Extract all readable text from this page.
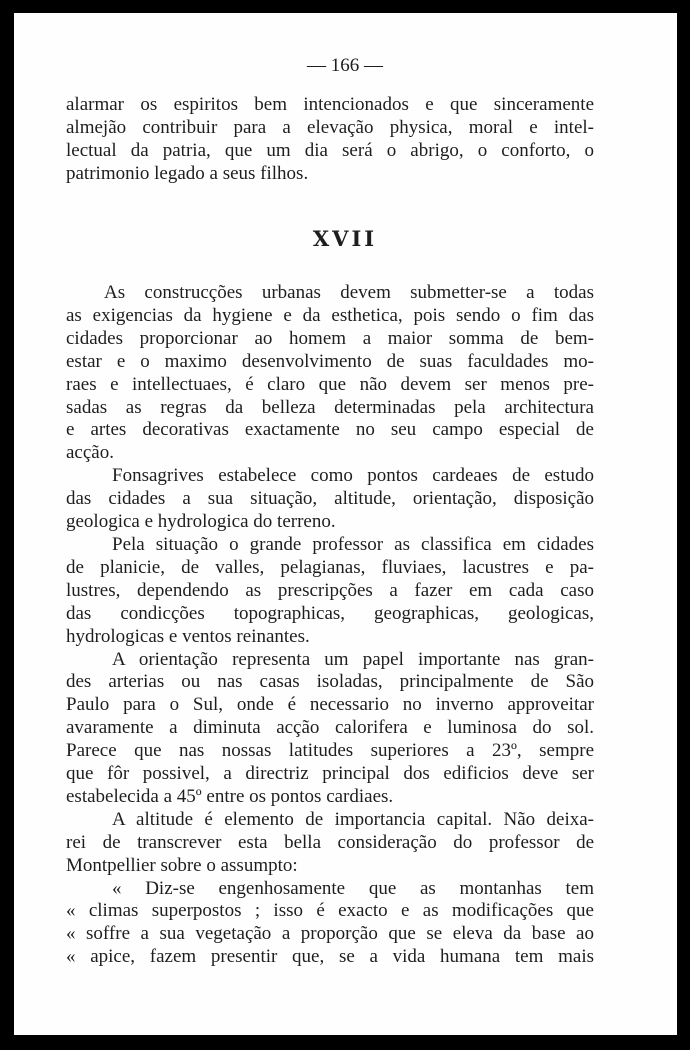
— 166 —
alarmar os espiritos bem intencionados e que sinceramente
almejão contribuir para a elevação physica, moral e intel-
lectual da patria, que um dia será o abrigo, o conforto, o
patrimonio legado a seus filhos.
XVII
As construcções urbanas devem submetter-se a todas
as exigencias da hygiene e da esthetica, pois sendo o fim das
cidades proporcionar ao homem a maior somma de bem-
estar e o maximo desenvolvimento de suas faculdades mo-
raes e intellectuaes, é claro que não devem ser menos pre-
sadas as regras da belleza determinadas pela architectura
e artes decorativas exactamente no seu campo especial de
acção.
Fonsagrives estabelece como pontos cardeaes de estudo
das cidades a sua situação, altitude, orientação, disposição
geologica e hydrologica do terreno.
Pela situação o grande professor as classifica em cidades
de planicie, de valles, pelagianas, fluviaes, lacustres e pa-
lustres, dependendo as prescripções a fazer em cada caso
das condicções topographicas, geographicas, geologicas,
hydrologicas e ventos reinantes.
A orientação representa um papel importante nas gran-
des arterias ou nas casas isoladas, principalmente de São
Paulo para o Sul, onde é necessario no inverno approveitar
avaramente a diminuta acção calorifera e luminosa do sol.
Parece que nas nossas latitudes superiores a 23º, sempre
que fôr possivel, a directriz principal dos edificios deve ser
estabelecida a 45º entre os pontos cardiaes.
A altitude é elemento de importancia capital. Não deixa-
rei de transcrever esta bella consideração do professor de
Montpellier sobre o assumpto:
« Diz-se engenhosamente que as montanhas tem
« climas superpostos ; isso é exacto e as modificações que
« soffre a sua vegetação a proporção que se eleva da base ao
« apice, fazem presentir que, se a vida humana tem mais
